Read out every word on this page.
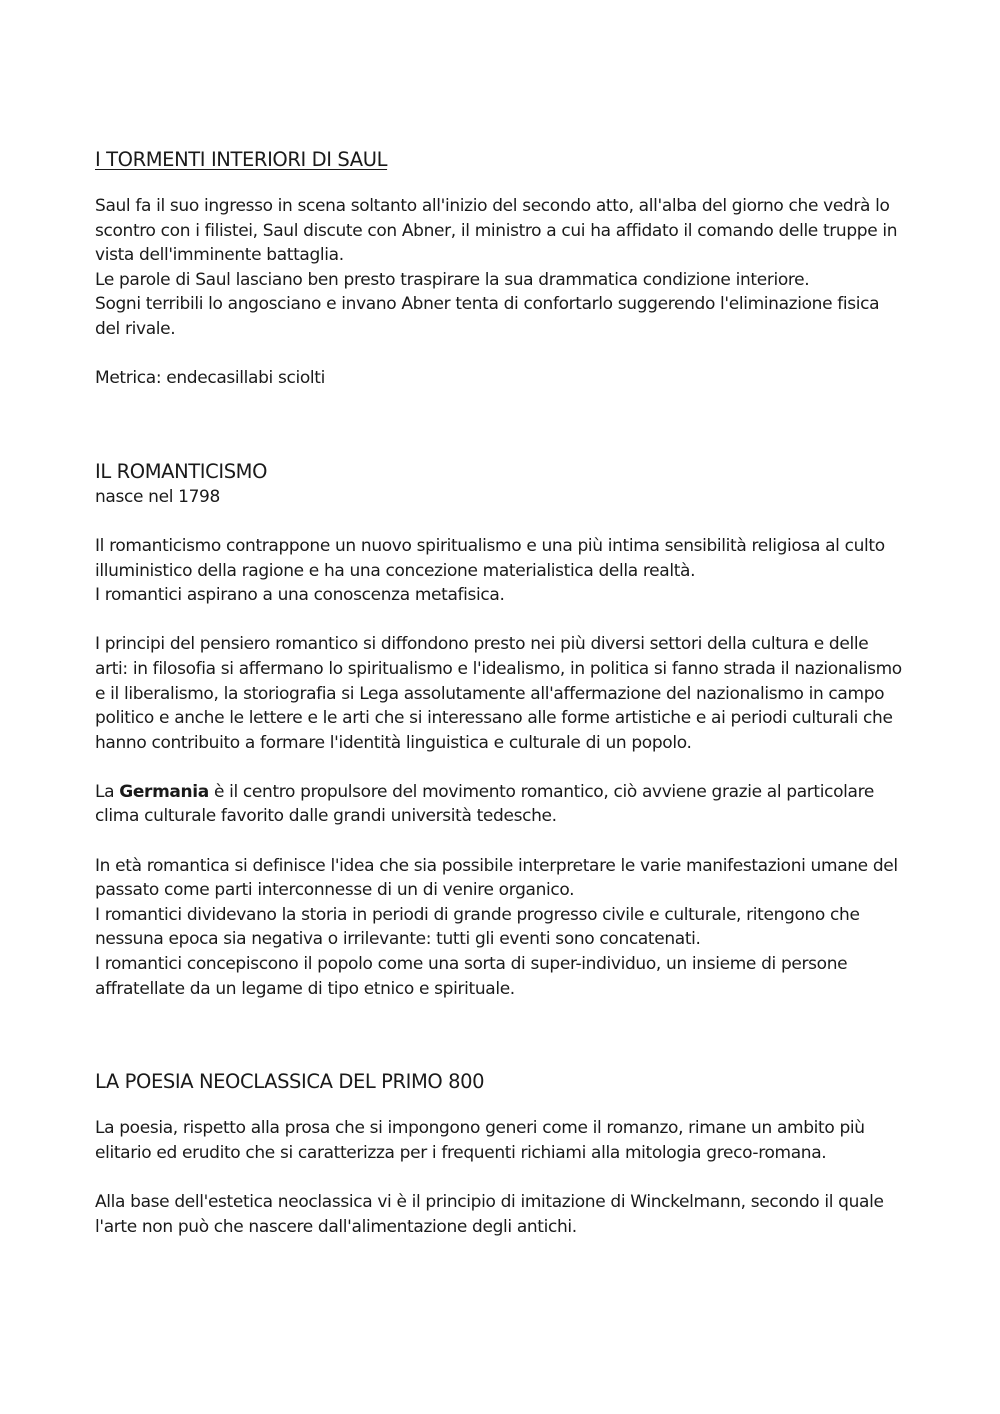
I TORMENTI INTERIORI DI SAUL
Saul fa il suo ingresso in scena soltanto all'inizio del secondo atto, all'alba del giorno che vedrà lo
scontro con i filistei, Saul discute con Abner, il ministro a cui ha affidato il comando delle truppe in
vista dell'imminente battaglia.
Le parole di Saul lasciano ben presto traspirare la sua drammatica condizione interiore.
Sogni terribili lo angosciano e invano Abner tenta di confortarlo suggerendo l'eliminazione fisica
del rivale.
Metrica: endecasillabi sciolti
IL ROMANTICISMO
nasce nel 1798
Il romanticismo contrappone un nuovo spiritualismo e una più intima sensibilità religiosa al culto
illuministico della ragione e ha una concezione materialistica della realtà.
I romantici aspirano a una conoscenza metafisica.
I principi del pensiero romantico si diffondono presto nei più diversi settori della cultura e delle
arti: in filosofia si affermano lo spiritualismo e l'idealismo, in politica si fanno strada il nazionalismo
e il liberalismo, la storiografia si Lega assolutamente all'affermazione del nazionalismo in campo
politico e anche le lettere e le arti che si interessano alle forme artistiche e ai periodi culturali che
hanno contribuito a formare l'identità linguistica e culturale di un popolo.
La Germania è il centro propulsore del movimento romantico, ciò avviene grazie al particolare
clima culturale favorito dalle grandi università tedesche.
In età romantica si definisce l'idea che sia possibile interpretare le varie manifestazioni umane del
passato come parti interconnesse di un di venire organico.
I romantici dividevano la storia in periodi di grande progresso civile e culturale, ritengono che
nessuna epoca sia negativa o irrilevante: tutti gli eventi sono concatenati.
I romantici concepiscono il popolo come una sorta di super-individuo, un insieme di persone
affratellate da un legame di tipo etnico e spirituale.
LA POESIA NEOCLASSICA DEL PRIMO 800
La poesia, rispetto alla prosa che si impongono generi come il romanzo, rimane un ambito più
elitario ed erudito che si caratterizza per i frequenti richiami alla mitologia greco-romana.
Alla base dell'estetica neoclassica vi è il principio di imitazione di Winckelmann, secondo il quale
l'arte non può che nascere dall'alimentazione degli antichi.
